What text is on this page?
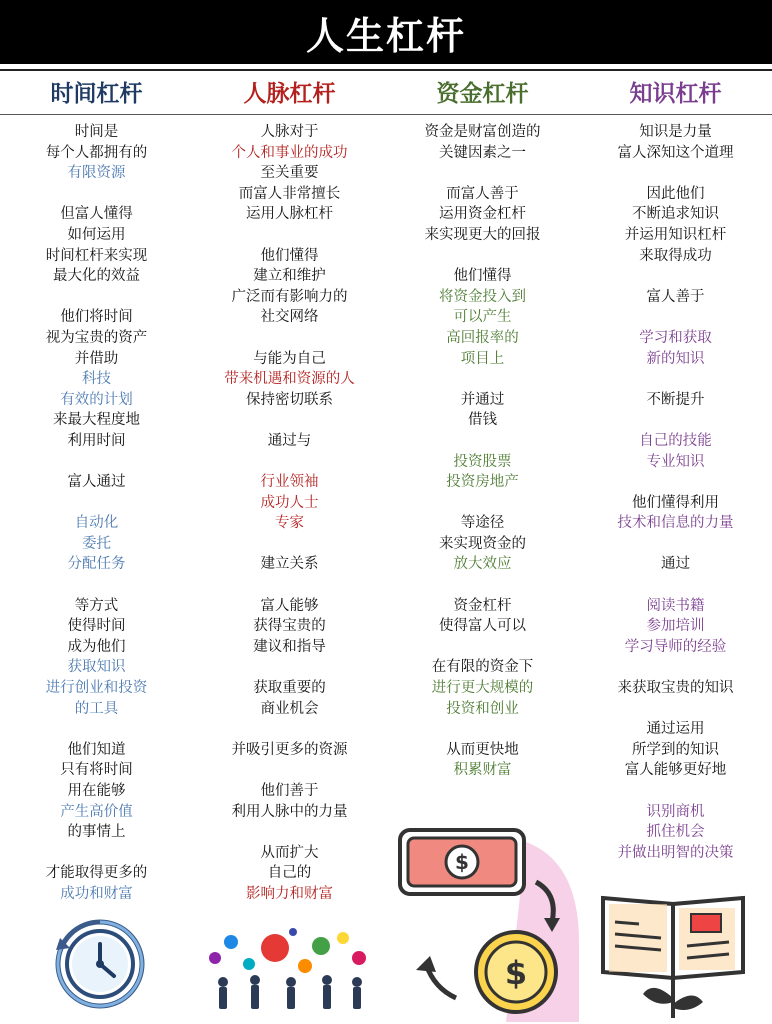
人生杠杆
时间杠杆
时间是
每个人都拥有的
有限资源
但富人懂得
如何运用
时间杠杆来实现
最大化的效益
他们将时间
视为宝贵的资产
并借助
科技
有效的计划
来最大程度地
利用时间
富人通过
自动化
委托
分配任务
等方式
使得时间
成为他们
获取知识
进行创业和投资
的工具
他们知道
只有将时间
用在能够
产生高价值
的事情上
才能取得更多的
成功和财富
人脉杠杆
人脉对于
个人和事业的成功
至关重要
而富人非常擅长
运用人脉杠杆
他们懂得
建立和维护
广泛而有影响力的
社交网络
与能为自己
带来机遇和资源的人
保持密切联系
通过与
行业领袖
成功人士
专家
建立关系
富人能够
获得宝贵的
建议和指导
获取重要的
商业机会
并吸引更多的资源
他们善于
利用人脉中的力量
从而扩大
自己的
影响力和财富
资金杠杆
资金是财富创造的
关键因素之一
而富人善于
运用资金杠杆
来实现更大的回报
他们懂得
将资金投入到
可以产生
高回报率的
项目上
并通过
借钱
投资股票
投资房地产
等途径
来实现资金的
放大效应
资金杠杆
使得富人可以
在有限的资金下
进行更大规模的
投资和创业
从而更快地
积累财富
$
$
知识杠杆
知识是力量
富人深知这个道理
因此他们
不断追求知识
并运用知识杠杆
来取得成功
富人善于
学习和获取
新的知识
不断提升
自己的技能
专业知识
他们懂得利用
技术和信息的力量
通过
阅读书籍
参加培训
学习导师的经验
来获取宝贵的知识
通过运用
所学到的知识
富人能够更好地
识别商机
抓住机会
并做出明智的决策
